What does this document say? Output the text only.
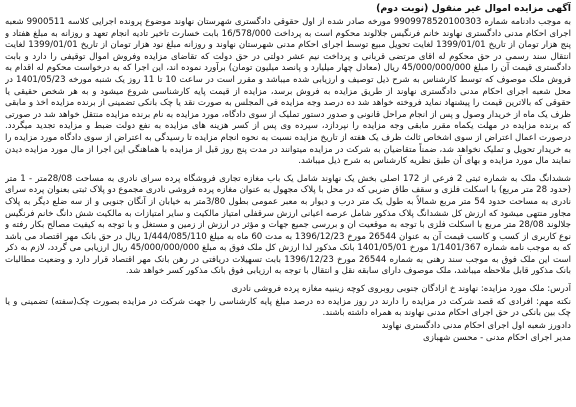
آگهی مزایده اموال غیر منقول (نوبت دوم)
به موجب دادنامه شماره 9909978520100303 مورخه صادر شده از اول حقوقی دادگستری شهرستان نهاوند موضوع پرونده اجرایی کلاسه 9900511 شعبه اجرای احکام مدنی دادگستری نهاوند خانم فرنگیس جلالوند محکوم است به پرداخت 16/578/000 بابت خسارت تاخیر تادیه انجام تعهد و روزانه به مبلغ هفتاد و پنج هزار تومان از تاریخ 1399/01/01 لغایت تحویل مبیع توسط اجرای احکام مدنی شهرستان نهاوند و روزانه مبلغ نود هزار تومان از تاریخ 1399/01/01 لغایت انتقال سند رسمی در حق محکوم له اقای مرتضی قربانی و پرداخت نیم عشر دولتی در حق دولت که تقاضای مزایده وفروش اموال توقیفی را دارد و بابت دادگستری قیمت آن را مبلغ 45/000/000/000 ریال (معادل چهار میلیارد و پانصد میلیون تومان) برآورد نموده اند، این اجرا که به درخواست محکوم له اقدام به فروش ملک موصوف که توسط کارشناس به شرح ذیل توصیف و ارزیابی شده میباشد و مقرر است در ساعت 10 تا 11 روز یک شنبه مورخه 1401/05/23 در محل شعبه اجرای احکام مدنی دادگستری نهاوند از طریق مزایده به فروش برسد، مزایده از قیمت پایه کارشناسی شروع میشود و به هر شخص حقیقی یا حقوقی که بالاترین قیمت را پیشنهاد نماید فروخته خواهد شد ده درصد وجه مزایده فی المجلس به صورت نقد یا چک بانکی تضمینی از برنده مزایده اخذ و مابقی ظرف یک ماه از خریدار وصول و پس از انجام مراحل قانونی و صدور دستور تملیک از سوی دادگاه، مورد مزایده به نام برنده مزایده منتقل خواهد شد در صورتی که برنده مزایده در مهلت یکماه مقرر مابقی وجه مزایده را نپردازد، سپرده وی پس از کسر هزینه های مزایده به نفع دولت ضبط و مزایده تجدید میگردد. درصورت اعمال اعتراض از سوی اشخاص ثالث ظرف یک هفته از تاریخ مزایده نسبت به نحوه انجام مزایده تا رسیدگی به اعتراض از سوی دادگاه مورد مزایده را به خریدار تحویل و تملیک نخواهد شد، ضمناً متقاضیان به شرکت در مزایده میتوانند در مدت پنج روز قبل از مزایده با هماهنگی این اجرا از مال مورد مزایده دیدن نمایند مال مورد مزایده و بهای آن طبق نظریه کارشناس به شرح ذیل میباشد.
ششدانگ ملک به شماره ثبتی 2 فرعی از 172 اصلی بخش یک نهاوند شامل یک باب مغازه تجاری فروشگاه پرده سرای نادری به مساحت 28/08متر - 1 متر (حدود 28 متر مربع) با اسکلت فلزی و سقف طاق ضربی که در محل با پلاک مجهول به عنوان مغازه پرده فروشی نادری مجموع دو پلاک ثبتی بعنوان پرده سرای نادری به مساحت حدود 54 متر مربع شمالاً به طول یک متر درب و دیوار به معبر عمومی بطول 3/80متر به خیابان از آنگان جنوبی و از سه ضلع دیگر به پلاک مجاور منتهی میشود که ارزش کل ششدانگ پلاک مذکور شامل عرصه اعیانی ارزش سرقفلی امتیاز مالکیت و سایر امتیازات به مالکیت شش دانگ خانم فرنگیس جلالوند 28/08 متر مربع با اسکلت فلزی با توجه به موقعیت ان و بررسی جمیع جهات و مؤثر در ارزش از زمین و مستغل و با توجه به کیفیت مصالح بکار رفته و نوع کاربری از کسب و کاسب قیمت آن به عنوان 26544 مورخ 1396/12/23 به مدت 60 ماه به مبلغ 1/444/085/110 ریال در حق بانک مهر اقتصاد می باشد که به موجب نامه شماره 1/1401/367 مورخ 1401/05/01 بانک مذکور لذا ارزش کل ملک فوق به مبلغ 45/000/000/000 ریال ارزیابی می گردد، لازم به ذکر است این ملک فوق به موجب سند رهنی به شماره 26544 مورخ 1396/12/23 بابت تسهیلات دریافتی در رهن بانک مهر اقتصاد قرار دارد و وضعیت مطالبات بانک مذکور قابل ملاحظه میباشد، ملک موصوف دارای سابقه نقل و انتقال با توجه به ارزیابی فوق بانک مذکور کسر خواهد شد.
آدرس: ملک مورد مزایده: نهاوند خ ازادگان جنوبی روبروی کوچه زینبیه مغازه پرده فروشی نادری
نکته مهم: افرادی که قصد شرکت در مزایده را دارند در روز مزایده ده درصد مبلغ پایه کارشناسی را جهت شرکت در مزایده بصورت چک(سفته) تضمینی و یا چک بین بانکی در حق اجرای احکام مدنی نهاوند به همراه داشته باشند.
دادورز شعبه اول اجرای احکام مدنی دادگستری نهاوند
مدیر اجرای احکام مدنی - محسن شهبازی
